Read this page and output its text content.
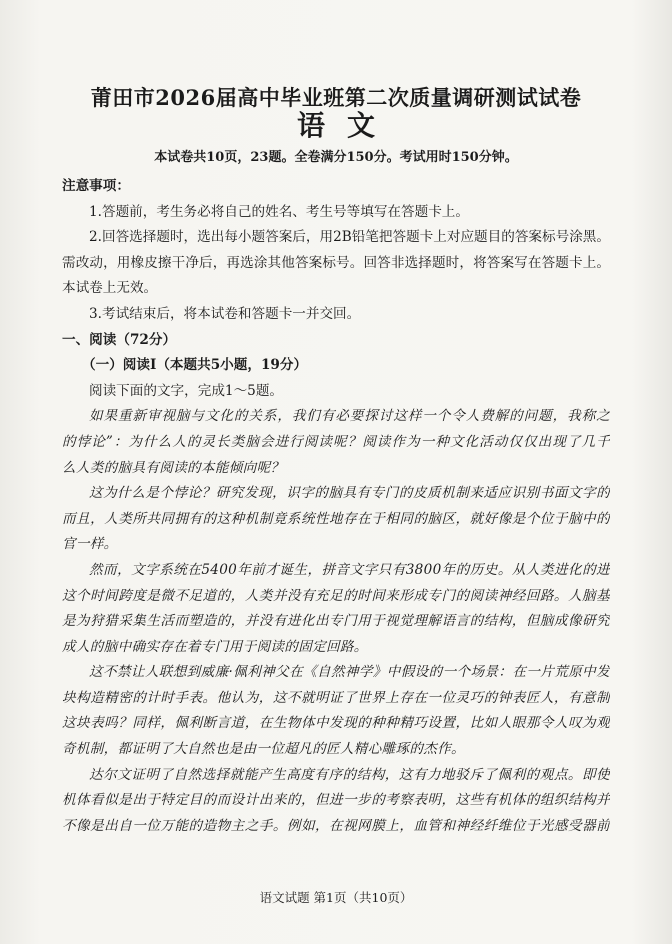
莆田市2026届高中毕业班第二次质量调研测试试卷
语文
本试卷共10页，23题。全卷满分150分。考试用时150分钟。
注意事项：
1.答题前，考生务必将自己的姓名、考生号等填写在答题卡上。
2.回答选择题时，选出每小题答案后，用2B铅笔把答题卡上对应题目的答案标号涂黑。
需改动，用橡皮擦干净后，再选涂其他答案标号。回答非选择题时，将答案写在答题卡上。
本试卷上无效。
3.考试结束后，将本试卷和答题卡一并交回。
一、阅读（72分）
（一）阅读Ⅰ（本题共5小题，19分）
阅读下面的文字，完成1～5题。
如果重新审视脑与文化的关系，我们有必要探讨这样一个令人费解的问题，我称之
的悖论”：为什么人的灵长类脑会进行阅读呢？阅读作为一种文化活动仅仅出现了几千
么人类的脑具有阅读的本能倾向呢？
这为什么是个悖论？研究发现，识字的脑具有专门的皮质机制来适应识别书面文字的
而且，人类所共同拥有的这种机制竟系统性地存在于相同的脑区，就好像是个位于脑中的
官一样。
然而，文字系统在5400年前才诞生，拼音文字只有3800年的历史。从人类进化的进
这个时间跨度是微不足道的，人类并没有充足的时间来形成专门的阅读神经回路。人脑基
是为狩猎采集生活而塑造的，并没有进化出专门用于视觉理解语言的结构，但脑成像研究
成人的脑中确实存在着专门用于阅读的固定回路。
这不禁让人联想到威廉·佩利神父在《自然神学》中假设的一个场景：在一片荒原中发
块构造精密的计时手表。他认为，这不就明证了世界上存在一位灵巧的钟表匠人，有意制
这块表吗？同样，佩利断言道，在生物体中发现的种种精巧设置，比如人眼那令人叹为观
奇机制，都证明了大自然也是由一位超凡的匠人精心雕琢的杰作。
达尔文证明了自然选择就能产生高度有序的结构，这有力地驳斥了佩利的观点。即使
机体看似是出于特定目的而设计出来的，但进一步的考察表明，这些有机体的组织结构并
不像是出自一位万能的造物主之手。例如，在视网膜上，血管和神经纤维位于光感受器前
语文试题 第1页（共10页）
